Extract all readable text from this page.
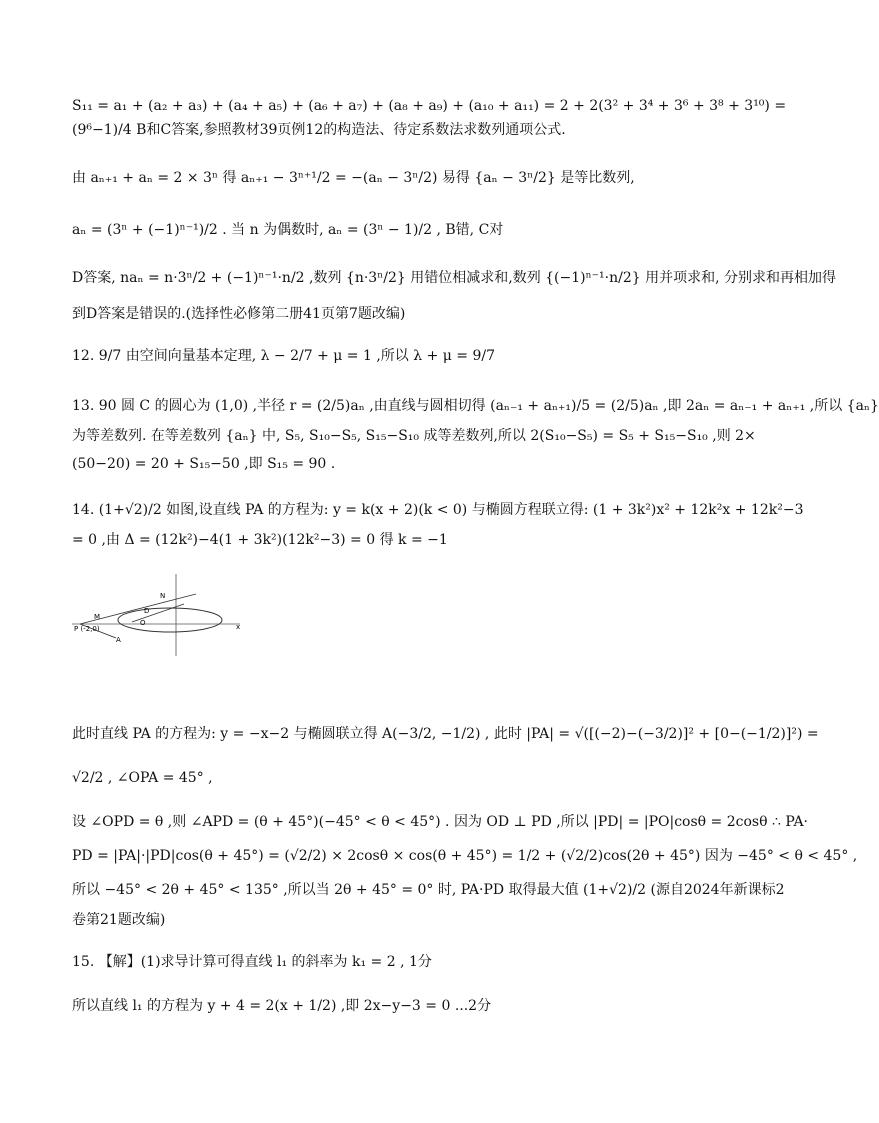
S₁₁ = a₁ + (a₂ + a₃) + (a₄ + a₅) + (a₆ + a₇) + (a₈ + a₉) + (a₁₀ + a₁₁) = 2 + 2(3² + 3⁴ + 3⁶ + 3⁸ + 3¹⁰) =
(9⁶−1)/4 B和C答案,参照教材39页例12的构造法、待定系数法求数列通项公式.
由 aₙ₊₁ + aₙ = 2 × 3ⁿ 得 aₙ₊₁ − 3ⁿ⁺¹/2 = −(aₙ − 3ⁿ/2) 易得 {aₙ − 3ⁿ/2} 是等比数列,
aₙ = (3ⁿ + (−1)ⁿ⁻¹)/2 . 当 n 为偶数时, aₙ = (3ⁿ − 1)/2 , B错, C对
D答案, naₙ = n·3ⁿ/2 + (−1)ⁿ⁻¹·n/2 ,数列 {n·3ⁿ/2} 用错位相减求和,数列 {(−1)ⁿ⁻¹·n/2} 用并项求和, 分别求和再相加得
到D答案是错误的.(选择性必修第二册41页第7题改编)
12. 9/7 由空间向量基本定理, λ − 2/7 + μ = 1 ,所以 λ + μ = 9/7
13. 90 圆 C 的圆心为 (1,0) ,半径 r = (2/5)aₙ ,由直线与圆相切得 (aₙ₋₁ + aₙ₊₁)/5 = (2/5)aₙ ,即 2aₙ = aₙ₋₁ + aₙ₊₁ ,所以 {aₙ}
为等差数列. 在等差数列 {aₙ} 中, S₅, S₁₀−S₅, S₁₅−S₁₀ 成等差数列,所以 2(S₁₀−S₅) = S₅ + S₁₅−S₁₀ ,则 2×
(50−20) = 20 + S₁₅−50 ,即 S₁₅ = 90 .
14. (1+√2)/2 如图,设直线 PA 的方程为: y = k(x + 2)(k < 0) 与椭圆方程联立得: (1 + 3k²)x² + 12k²x + 12k²−3
= 0 ,由 Δ = (12k²)−4(1 + 3k²)(12k²−3) = 0 得 k = −1
M
N
P (-2,0)
A
O
D
x
此时直线 PA 的方程为: y = −x−2 与椭圆联立得 A(−3/2, −1/2) , 此时 |PA| = √([(−2)−(−3/2)]² + [0−(−1/2)]²) =
√2/2 , ∠OPA = 45° ,
设 ∠OPD = θ ,则 ∠APD = (θ + 45°)(−45° < θ < 45°) . 因为 OD ⊥ PD ,所以 |PD| = |PO|cosθ = 2cosθ ∴ PA·
PD = |PA|·|PD|cos(θ + 45°) = (√2/2) × 2cosθ × cos(θ + 45°) = 1/2 + (√2/2)cos(2θ + 45°) 因为 −45° < θ < 45° ,
所以 −45° < 2θ + 45° < 135° ,所以当 2θ + 45° = 0° 时, PA·PD 取得最大值 (1+√2)/2 (源自2024年新课标2
卷第21题改编)
15. 【解】(1)求导计算可得直线 l₁ 的斜率为 k₁ = 2 , 1分
所以直线 l₁ 的方程为 y + 4 = 2(x + 1/2) ,即 2x−y−3 = 0 ...2分
